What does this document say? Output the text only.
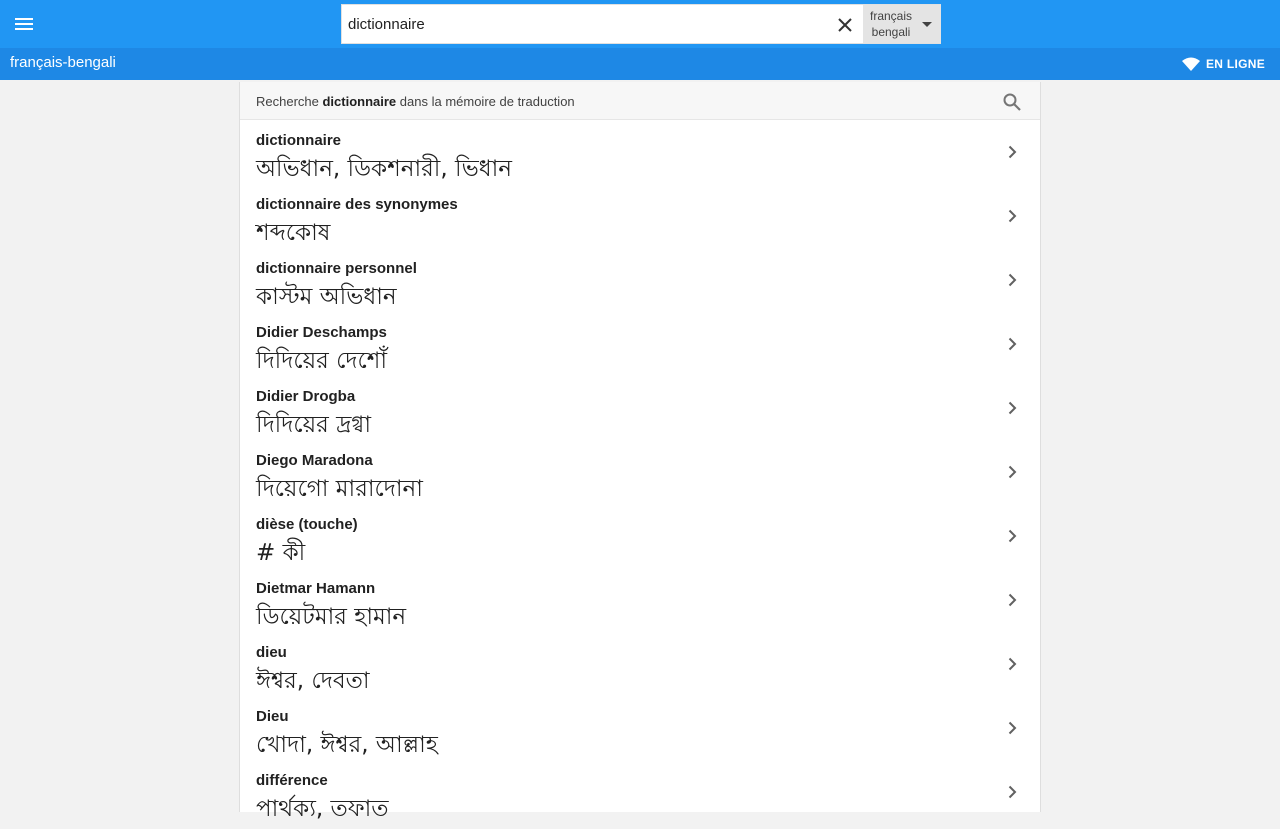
dictionnaire
français
bengali
français-bengali	EN LIGNE
Recherche dictionnaire dans la mémoire de traduction
dictionnaire
অভিধান, ডিকশনারী, ভিধান
dictionnaire des synonymes
শব্দকোষ
dictionnaire personnel
কাস্টম অভিধান
Didier Deschamps
দিদিয়ের দেশোঁ
Didier Drogba
দিদিয়ের দ্রগ্বা
Diego Maradona
দিয়েগো মারাদোনা
dièse (touche)
# কী
Dietmar Hamann
ডিয়েটমার হামান
dieu
ঈশ্বর, দেবতা
Dieu
খোদা, ঈশ্বর, আল্লাহ
différence
পার্থক্য, তফাত
